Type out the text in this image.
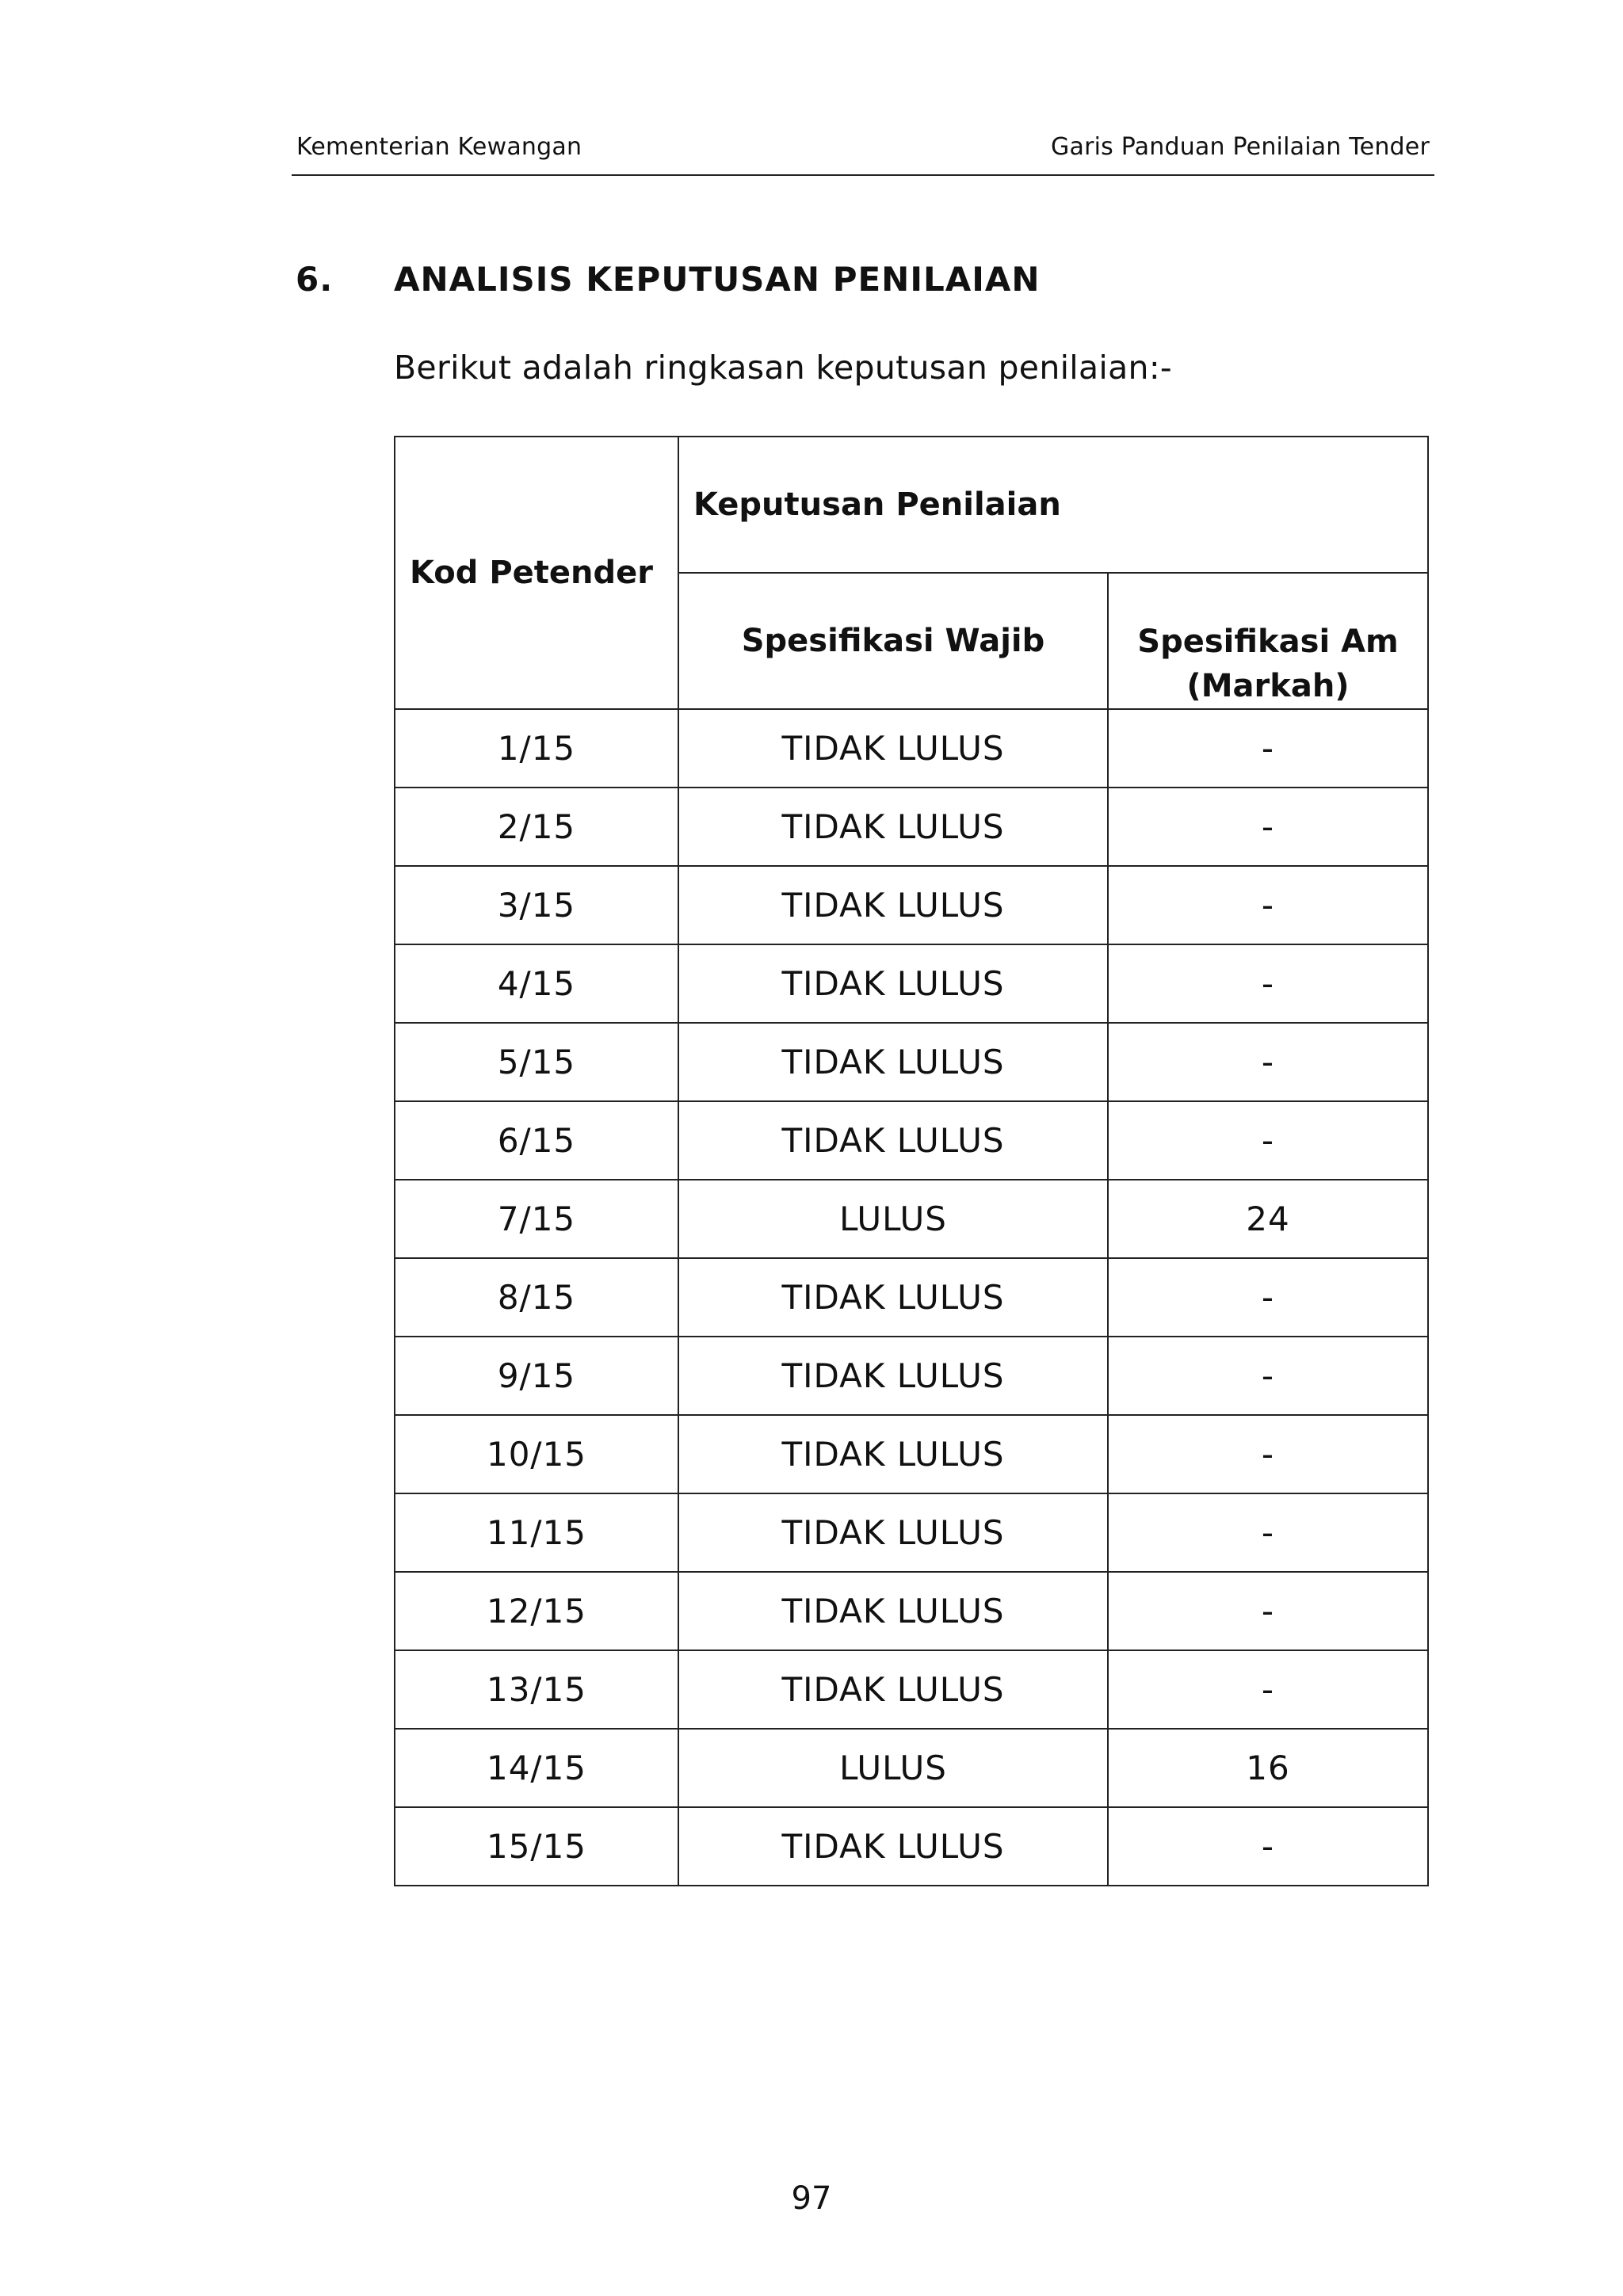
Kementerian Kewangan	Garis Panduan Penilaian Tender
6. ANALISIS KEPUTUSAN PENILAIAN
Berikut adalah ringkasan keputusan penilaian:-
Kod Petender	Keputusan Penilaian	
	Spesifikasi Wajib	Spesifikasi Am
(Markah)

1/15	TIDAK LULUS	-
2/15	TIDAK LULUS	-
3/15	TIDAK LULUS	-
4/15	TIDAK LULUS	-
5/15	TIDAK LULUS	-
6/15	TIDAK LULUS	-
7/15	LULUS	24
8/15	TIDAK LULUS	-
9/15	TIDAK LULUS	-
10/15	TIDAK LULUS	-
11/15	TIDAK LULUS	-
12/15	TIDAK LULUS	-
13/15	TIDAK LULUS	-
14/15	LULUS	16
15/15	TIDAK LULUS	-
97
